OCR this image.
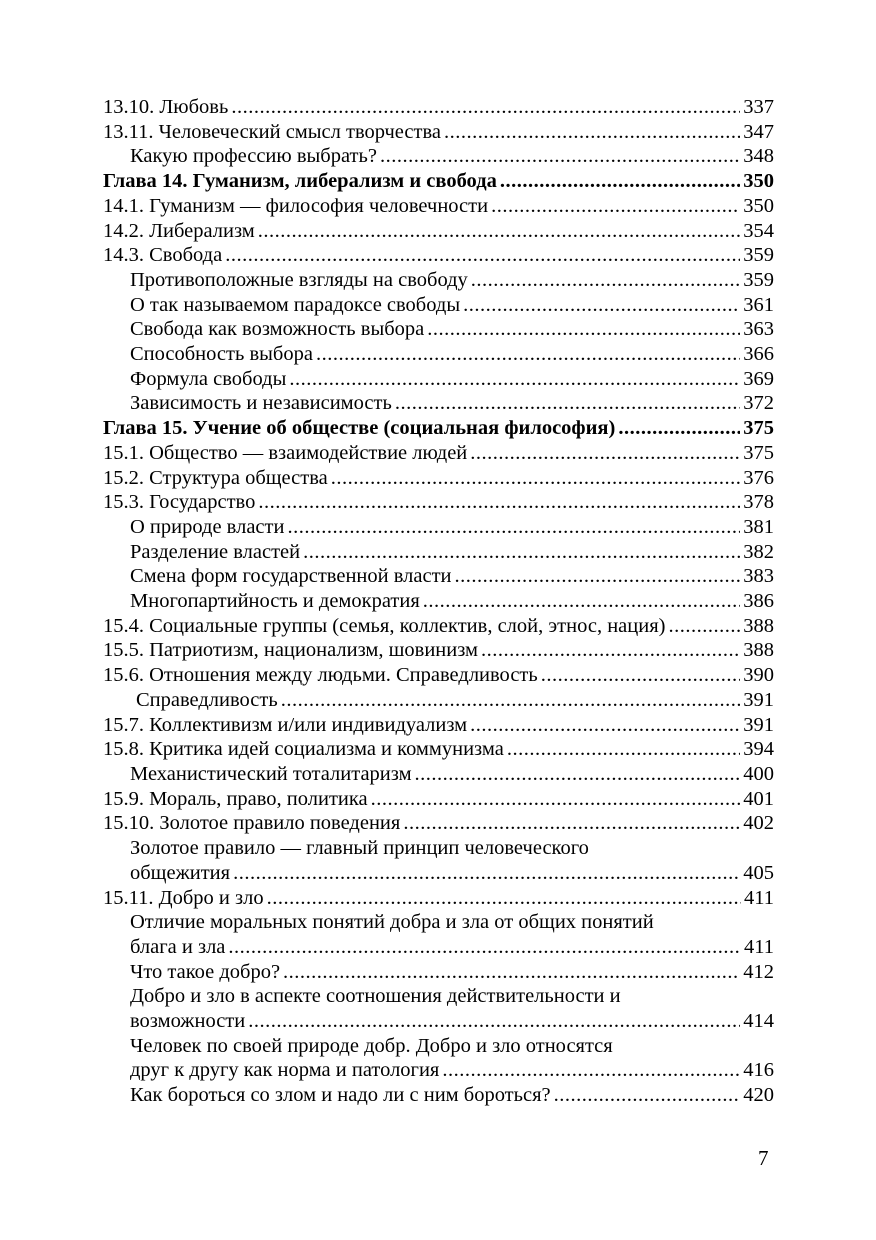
13.10. Любовь .....	337
13.11. Человеческий смысл творчества .....	347
Какую профессию выбрать? .....	348
Глава 14. Гуманизм, либерализм и свобода .....	350
14.1. Гуманизм — философия человечности .....	350
14.2. Либерализм .....	354
14.3. Свобода .....	359
Противоположные взгляды на свободу .....	359
О так называемом парадоксе свободы .....	361
Свобода как возможность выбора .....	363
Способность выбора .....	366
Формула свободы .....	369
Зависимость и независимость .....	372
Глава 15. Учение об обществе (социальная философия) .....	375
15.1. Общество — взаимодействие людей .....	375
15.2. Структура общества .....	376
15.3. Государство .....	378
О природе власти .....	381
Разделение властей .....	382
Смена форм государственной власти .....	383
Многопартийность и демократия .....	386
15.4. Социальные группы (семья, коллектив, слой, этнос, нация) .....	388
15.5. Патриотизм, национализм, шовинизм .....	388
15.6. Отношения между людьми. Справедливость .....	390
Справедливость .....	391
15.7. Коллективизм и/или индивидуализм .....	391
15.8. Критика идей социализма и коммунизма .....	394
Механистический тоталитаризм .....	400
15.9. Мораль, право, политика .....	401
15.10. Золотое правило поведения .....	402
Золотое правило — главный принцип человеческого
общежития .....	405
15.11. Добро и зло .....	411
Отличие моральных понятий добра и зла от общих понятий
блага и зла .....	411
Что такое добро? .....	412
Добро и зло в аспекте соотношения действительности и
возможности .....	414
Человек по своей природе добр. Добро и зло относятся
друг к другу как норма и патология .....	416
Как бороться со злом и надо ли с ним бороться? .....	420
7
